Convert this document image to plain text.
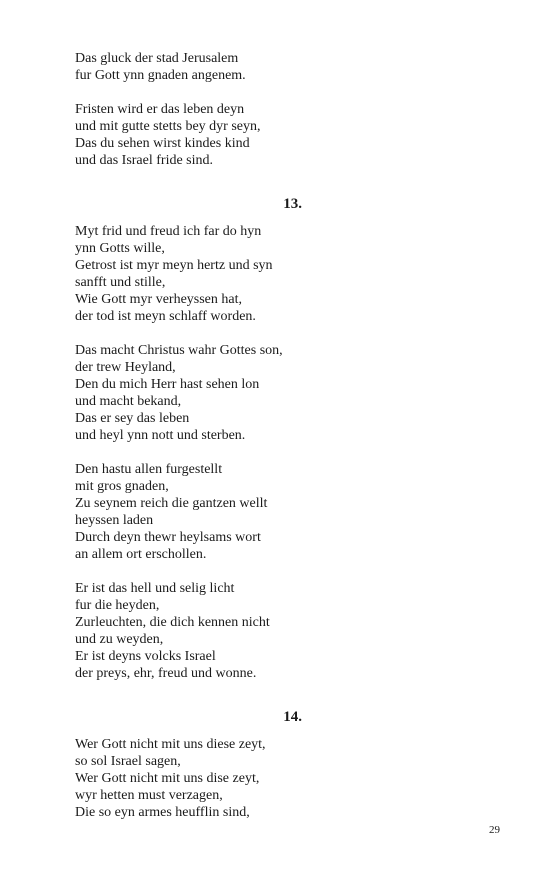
Das gluck der stad Jerusalem
fur Gott ynn gnaden angenem.
Fristen wird er das leben deyn
und mit gutte stetts bey dyr seyn,
Das du sehen wirst kindes kind
und das Israel fride sind.
13.
Myt frid und freud ich far do hyn
ynn Gotts wille,
Getrost ist myr meyn hertz und syn
sanfft und stille,
Wie Gott myr verheyssen hat,
der tod ist meyn schlaff worden.
Das macht Christus wahr Gottes son,
der trew Heyland,
Den du mich Herr hast sehen lon
und macht bekand,
Das er sey das leben
und heyl ynn nott und sterben.
Den hastu allen furgestellt
mit gros gnaden,
Zu seynem reich die gantzen wellt
heyssen laden
Durch deyn thewr heylsams wort
an allem ort erschollen.
Er ist das hell und selig licht
fur die heyden,
Zurleuchten, die dich kennen nicht
und zu weyden,
Er ist deyns volcks Israel
der preys, ehr, freud und wonne.
14.
Wer Gott nicht mit uns diese zeyt,
so sol Israel sagen,
Wer Gott nicht mit uns dise zeyt,
wyr hetten must verzagen,
Die so eyn armes heufflin sind,
29
